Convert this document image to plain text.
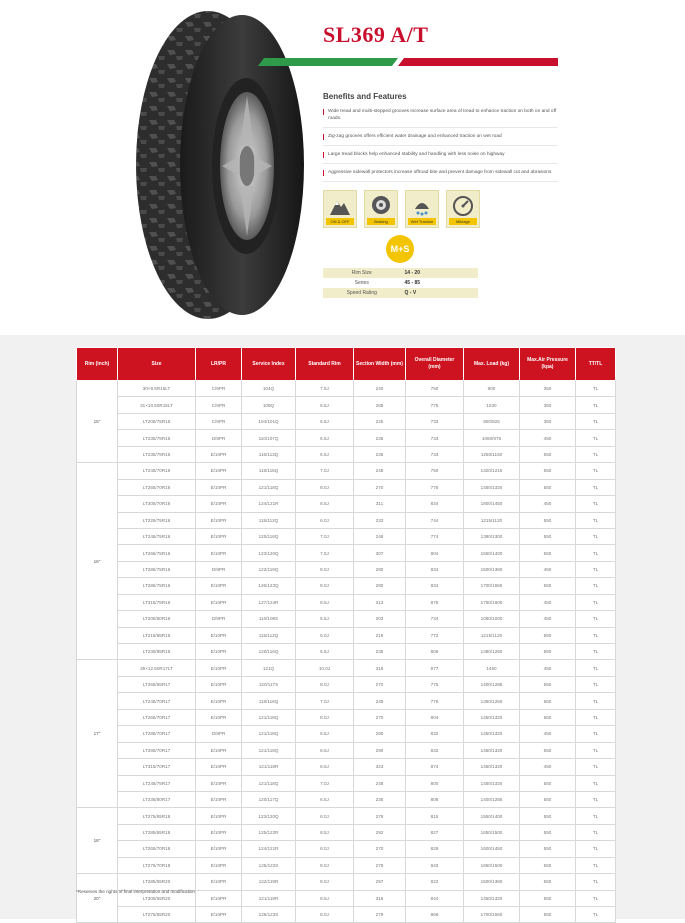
SL369 A/T
Benefits and Features
Wide tread and multi-stepped grooves increase surface area of tread to enhance traction on both on and off roads.
Zig-zag grooves offers efficient water drainage and enhanced traction on wet road
Large tread blocks help enhanced stability and handling with less noise on highway
Aggressive sidewall protectors increase offroad bite and prevent damage from sidewall cut and abrasions
ON & OFF	Braking	Wet Traction	Mileage
M+S
Rim Size	14 - 20
Series	45 - 85
Speed Rating	Q - V
Rim (inch)	Size	LR/PR	Service Index	Standard Rim	Section Width (mm)	Overall Diameter (mm)	Max. Load (kg)	Max.Air Pressure (kpa)	TT/TL
15"	30×9.5R15LT	C/6PR	104Q	7.5J	240	750	900	350	TL
	31×10.50R15LT	C/6PR	109Q	8.5J	268	775	1030	350	TL
	LT205/75R15	C/6PR	104/101Q	6.5J	225	733	900/825	350	TL
	LT235/75R15	D/8PR	110/107Q	6.5J	235	733	1060/975	450	TL
	LT235/75R15	E/10PR	116/113Q	6.5J	235	733	1250/1150	550	TL
16"	LT245/70R16	E/10PR	118/115Q	7.0J	248	750	1320/1215	550	TL
	LT265/70R16	E/10PR	121/118Q	8.0J	270	778	1450/1320	550	TL
	LT305/70R16	E/10PR	124/121R	8.5J	311	834	1800/1450	450	TL
	LT225/75R16	E/10PR	115/112Q	6.0J	233	744	1215/1120	550	TL
	LT245/75R16	E/10PR	120/116Q	7.0J	248	774	1380/1300	550	TL
	LT265/75R16	E/10PR	123/120Q	7.5J	307	804	1550/1400	550	TL
	LT285/75R16	D/8PR	122/119Q	8.0J	280	834	1500/1360	450	TL
	LT285/75R16	E/10PR	126/123Q	8.0J	280	834	1700/1550	550	TL
	LT315/75R16	E/10PR	127/124R	8.5J	313	878	1750/1600	450	TL
	LT205/80R16	D/8PR	110/108S	5.5J	203	734	1060/1000	450	TL
	LT215/85R16	E/10PR	115/112Q	6.0J	218	772	1215/1120	550	TL
	LT235/85R16	E/10PR	120/116Q	6.5J	235	806	1380/1260	550	TL
17"	35×12.50R17LT	E/10PR	121Q	10.0J	318	877	1450	450	TL
	LT265/65R17	E/10PR	120/117S	8.0J	270	775	1400/1285	550	TL
	LT245/70R17	E/10PR	119/116Q	7.0J	248	776	1360/1250	550	TL
	LT265/70R17	E/10PR	121/118Q	8.0J	270	804	1450/1320	550	TL
	LT285/70R17	D/8PR	121/118Q	8.5J	290	832	1450/1320	450	TL
	LT285/70R17	E/10PR	121/118Q	8.5J	290	832	1450/1320	550	TL
	LT315/70R17	E/10PR	121/118R	8.5J	323	874	1450/1320	450	TL
	LT245/75R17	E/10PR	121/118Q	7.0J	248	800	1450/1320	550	TL
	LT235/80R17	E/10PR	120/117Q	6.5J	235	808	1400/1285	550	TL
18"	LT275/65R18	E/10PR	123/120Q	8.0J	279	815	1550/1400	550	TL
	LT285/65R18	E/10PR	125/122R	8.5J	292	827	1650/1500	550	TL
	LT265/70R18	E/10PR	124/121R	8.0J	270	829	1600/1450	550	TL
	LT275/70R18	E/10PR	125/122S	8.0J	279	843	1650/1500	550	TL
20"	LT285/55R20	E/10PR	122/119R	8.0J	297	822	1500/1360	550	TL
	LT305/55R20	E/10PR	121/118R	8.5J	316	844	1450/1320	550	TL
	LT275/65R20	E/10PR	126/123S	8.0J	279	866	1700/1550	550	TL
*Reserves the rights of final interpretation and modification
